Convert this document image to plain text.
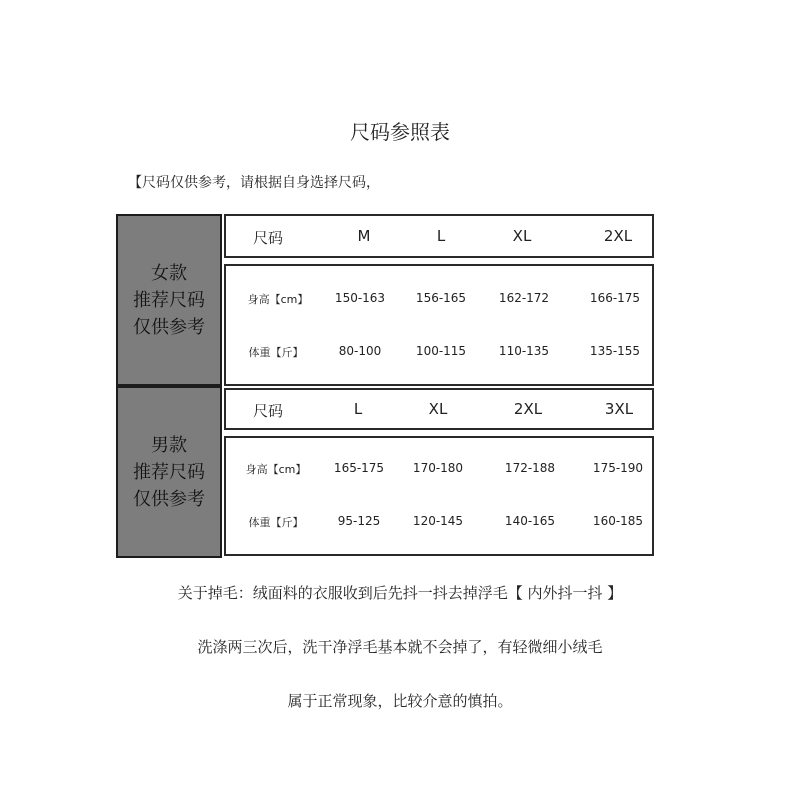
尺码参照表
【尺码仅供参考，请根据自身选择尺码，
女款
推荐尺码
仅供参考
尺码	M	L	XL	2XL
身高【cm】 150-163	156-165	162-172	166-175
体重【斤】	80-100	100-115	110-135	135-155
男款
推荐尺码
仅供参考
尺码	L	XL	2XL	3XL
身高【cm】 165-175 170-180	172-188	175-190
体重【斤】	95-125	120-145	140-165	160-185
关于掉毛：绒面料的衣服收到后先抖一抖去掉浮毛【 内外抖一抖 】
洗涤两三次后，洗干净浮毛基本就不会掉了，有轻微细小绒毛
属于正常现象，比较介意的慎拍。
